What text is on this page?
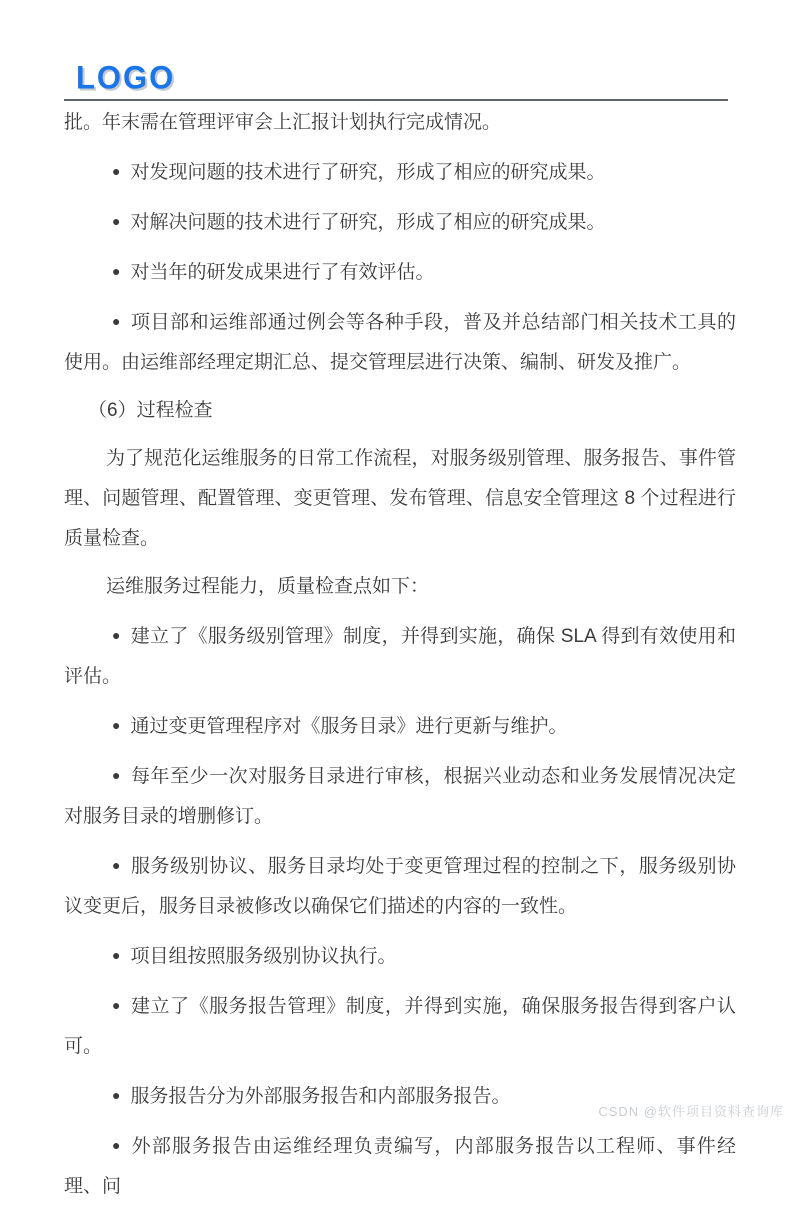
LOGO

批。年末需在管理评审会上汇报计划执行完成情况。

● 对发现问题的技术进行了研究，形成了相应的研究成果。

● 对解决问题的技术进行了研究，形成了相应的研究成果。

● 对当年的研发成果进行了有效评估。

● 项目部和运维部通过例会等各种手段，普及并总结部门相关技术工具的使用。由运维部经理定期汇总、提交管理层进行决策、编制、研发及推广。

（6）过程检查

为了规范化运维服务的日常工作流程，对服务级别管理、服务报告、事件管理、问题管理、配置管理、变更管理、发布管理、信息安全管理这 8 个过程进行质量检查。

运维服务过程能力，质量检查点如下：

● 建立了《服务级别管理》制度，并得到实施，确保 SLA 得到有效使用和评估。

● 通过变更管理程序对《服务目录》进行更新与维护。

● 每年至少一次对服务目录进行审核，根据兴业动态和业务发展情况决定对服务目录的增删修订。

● 服务级别协议、服务目录均处于变更管理过程的控制之下，服务级别协议变更后，服务目录被修改以确保它们描述的内容的一致性。

● 项目组按照服务级别协议执行。

● 建立了《服务报告管理》制度，并得到实施，确保服务报告得到客户认可。

● 服务报告分为外部服务报告和内部服务报告。

● 外部服务报告由运维经理负责编写，内部服务报告以工程师、事件经理、问

CSDN @软件项目资料查询库
